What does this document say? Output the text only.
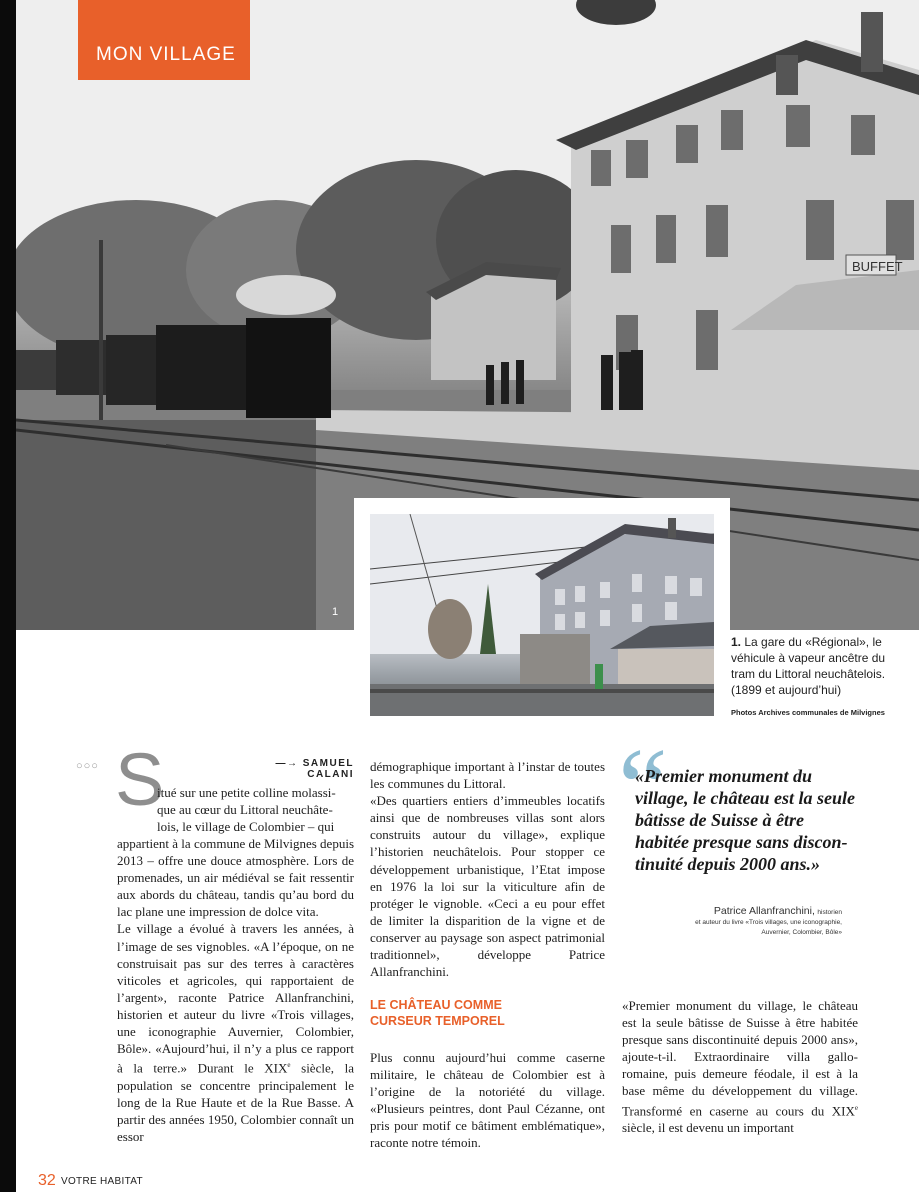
BUFFET
1
MON VILLAGE
1. La gare du «Régional», le véhicule à vapeur ancêtre du tram du Littoral neuchâtelois. (1899 et aujourd’hui)
Photos Archives communales de Milvignes
○○○	—→ SAMUEL CALANI
S

itué sur une petite colline molassi-

que au cœur du Littoral neuchâte-

lois, le village de Colombier – qui

appartient à la commune de Milvignes depuis 2013 – offre une douce atmosphère. Lors de promenades, un air médiéval se fait ressentir aux abords du château, tandis qu’au bord du lac plane une impression de dolce vita.

Le village a évolué à travers les années, à l’image de ses vignobles. «A l’époque, on ne construisait pas sur des terres à caractères viticoles et agricoles, qui rapportaient de l’argent», raconte Patrice Allanfranchini, historien et auteur du livre «Trois villages, une iconographie Auvernier, Colombier, Bôle». «Aujourd’hui, il n’y a plus ce rapport à la terre.» Durant le XIXe siècle, la population se concentre principalement le long de la Rue Haute et de la Rue Basse. A partir des années 1950, Colombier connaît un essor

démographique important à l’instar de toutes les communes du Littoral.

«Des quartiers entiers d’immeubles locatifs ainsi que de nombreuses villas sont alors construits autour du village», explique l’historien neuchâtelois. Pour stopper ce développement urbanistique, l’Etat impose en 1976 la loi sur la viticulture afin de protéger le vignoble. «Ceci a eu pour effet de limiter la disparition de la vigne et de conserver au paysage son aspect patrimonial traditionnel», développe Patrice Allanfranchini.

LE CHÂTEAU COMME CURSEUR TEMPOREL
Plus connu aujourd’hui comme caserne militaire, le château de Colombier est à l’origine de la notoriété du village. «Plusieurs peintres, dont Paul Cézanne, ont pris pour motif ce bâtiment emblématique», raconte notre témoin.
“
«Premier monument du village, le château est la seule bâtisse de Suisse à être habitée presque sans discon-tinuité depuis 2000 ans.»
Patrice Allanfranchini, historien
et auteur du livre «Trois villages, une iconographie,
Auvernier, Colombier, Bôle»

«Premier monument du village, le château est la seule bâtisse de Suisse à être habitée presque sans discontinuité depuis 2000 ans», ajoute-t-il. Extraordinaire villa gallo-romaine, puis demeure féodale, il est à la base même du développement du village. Transformé en caserne au cours du XIXe siècle, il est devenu un important

32 VOTRE HABITAT
